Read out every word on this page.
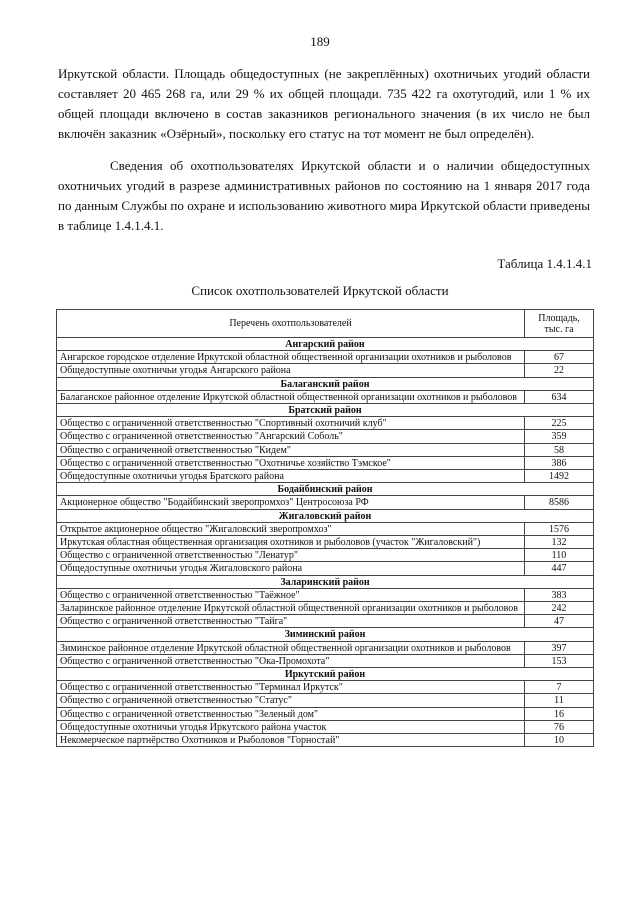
189

Иркутской области. Площадь общедоступных (не закреплённых) охотничьих угодий области составляет 20 465 268 га, или 29 % их общей площади. 735 422 га охотугодий, или 1 % их общей площади включено в состав заказников регионального значения (в их число не был включён заказник «Озёрный», поскольку его статус на тот момент не был определён).

Сведения об охотпользователях Иркутской области и о наличии общедоступных охотничьих угодий в разрезе административных районов по состоянию на 1 января 2017 года по данным Службы по охране и использованию животного мира Иркутской области приведены в таблице 1.4.1.4.1.

Таблица 1.4.1.4.1
Список охотпользователей Иркутской области
Перечень охотпользователей	Площадь, тыс. га
Ангарский район	
Ангарское городское отделение Иркутской областной общественной организации охотников и рыболовов	67
Общедоступные охотничьи угодья Ангарского района	22
Балаганский район	
Балаганское районное отделение Иркутской областной общественной организации охотников и рыболовов	634
Братский район	
Общество с ограниченной ответственностью "Спортивный охотничий клуб"	225
Общество с ограниченной ответственностью "Ангарский Соболь"	359
Общество с ограниченной ответственностью "Кидем"	58
Общество с ограниченной ответственностью "Охотничье хозяйство Тэмское"	386
Общедоступные охотничьи угодья Братского района	1492
Бодайбинский район	
Акционерное общество "Бодайбинский зверопромхоз" Центросоюза РФ	8586
Жигаловский район	
Открытое акционерное общество "Жигаловский зверопромхоз"	1576
Иркутская областная общественная организация охотников и рыболовов (участок "Жигаловский")	132
Общество с ограниченной ответственностью "Ленатур"	110
Общедоступные охотничьи угодья Жигаловского района	447
Заларинский район	
Общество с ограниченной ответственностью "Таёжное"	383
Заларинское районное отделение Иркутской областной общественной организации охотников и рыболовов	242
Общество с ограниченной ответственностью "Тайга"	47
Зиминский район	
Зиминское районное отделение Иркутской областной общественной организации охотников и рыболовов	397
Общество с ограниченной ответственностью "Ока-Промохота"	153
Иркутский район	
Общество с ограниченной ответственностью "Терминал Иркутск"	7
Общество с ограниченной ответственностью "Статус"	11
Общество с ограниченной ответственностью "Зеленый дом"	16
Общедоступные охотничьи угодья Иркутского района участок	76
Некомерческое партнёрство Охотников и Рыболовов "Горностай"	10
